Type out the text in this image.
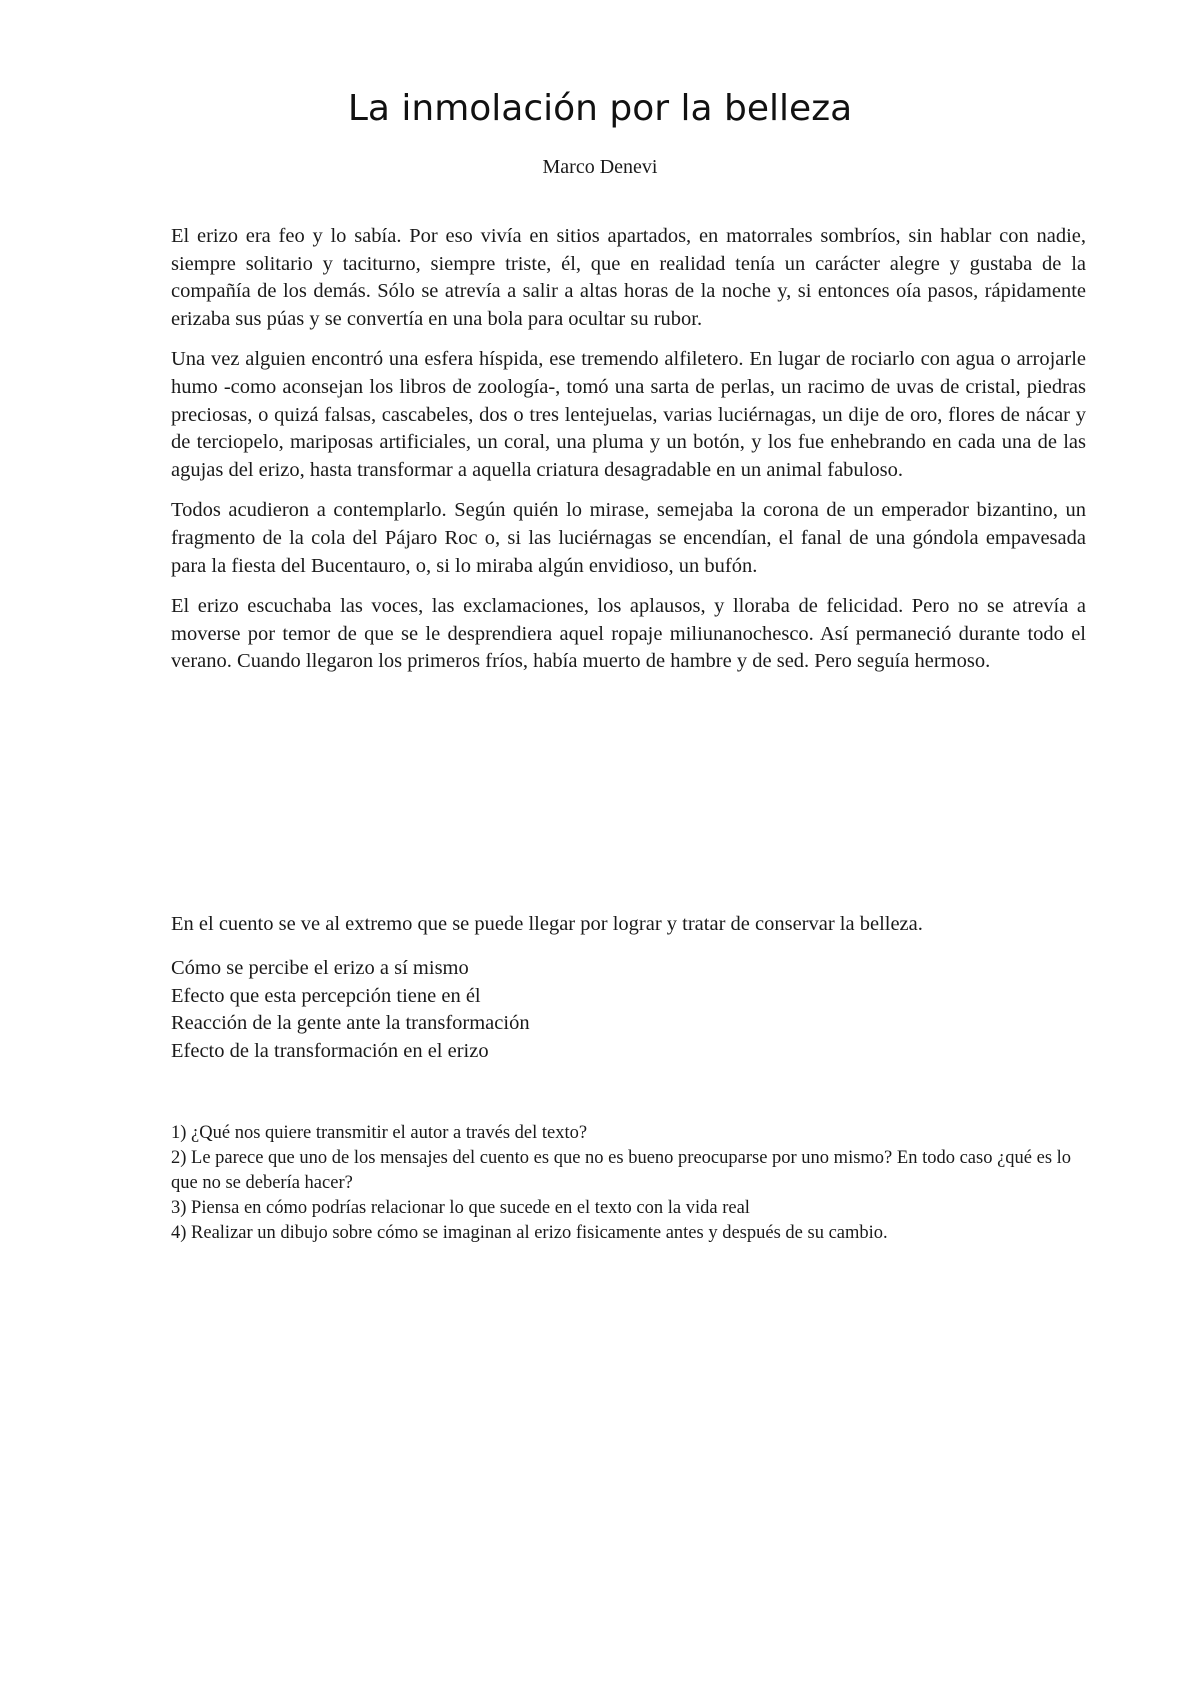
La inmolación por la belleza
Marco Denevi

El erizo era feo y lo sabía. Por eso vivía en sitios apartados, en matorrales sombríos, sin hablar con nadie, siempre solitario y taciturno, siempre triste, él, que en realidad tenía un carácter alegre y gustaba de la compañía de los demás. Sólo se atrevía a salir a altas horas de la noche y, si entonces oía pasos, rápidamente erizaba sus púas y se convertía en una bola para ocultar su rubor.

Una vez alguien encontró una esfera híspida, ese tremendo alfiletero. En lugar de rociarlo con agua o arrojarle humo -como aconsejan los libros de zoología-, tomó una sarta de perlas, un racimo de uvas de cristal, piedras preciosas, o quizá falsas, cascabeles, dos o tres lentejuelas, varias luciérnagas, un dije de oro, flores de nácar y de terciopelo, mariposas artificiales, un coral, una pluma y un botón, y los fue enhebrando en cada una de las agujas del erizo, hasta transformar a aquella criatura desagradable en un animal fabuloso.

Todos acudieron a contemplarlo. Según quién lo mirase, semejaba la corona de un emperador bizantino, un fragmento de la cola del Pájaro Roc o, si las luciérnagas se encendían, el fanal de una góndola empavesada para la fiesta del Bucentauro, o, si lo miraba algún envidioso, un bufón.

El erizo escuchaba las voces, las exclamaciones, los aplausos, y lloraba de felicidad. Pero no se atrevía a moverse por temor de que se le desprendiera aquel ropaje miliunanochesco. Así permaneció durante todo el verano. Cuando llegaron los primeros fríos, había muerto de hambre y de sed. Pero seguía hermoso.

En el cuento se ve al extremo que se puede llegar por lograr y tratar de conservar la belleza.

Cómo se percibe el erizo a sí mismo
Efecto que esta percepción tiene en él
Reacción de la gente ante la transformación
Efecto de la transformación en el erizo
1) ¿Qué nos quiere transmitir el autor a través del texto?
2) Le parece que uno de los mensajes del cuento es que no es bueno preocuparse por uno mismo? En todo caso ¿qué es lo que no se debería hacer?
3) Piensa en cómo podrías relacionar lo que sucede en el texto con la vida real
4) Realizar un dibujo sobre cómo se imaginan al erizo fisicamente antes y después de su cambio.
